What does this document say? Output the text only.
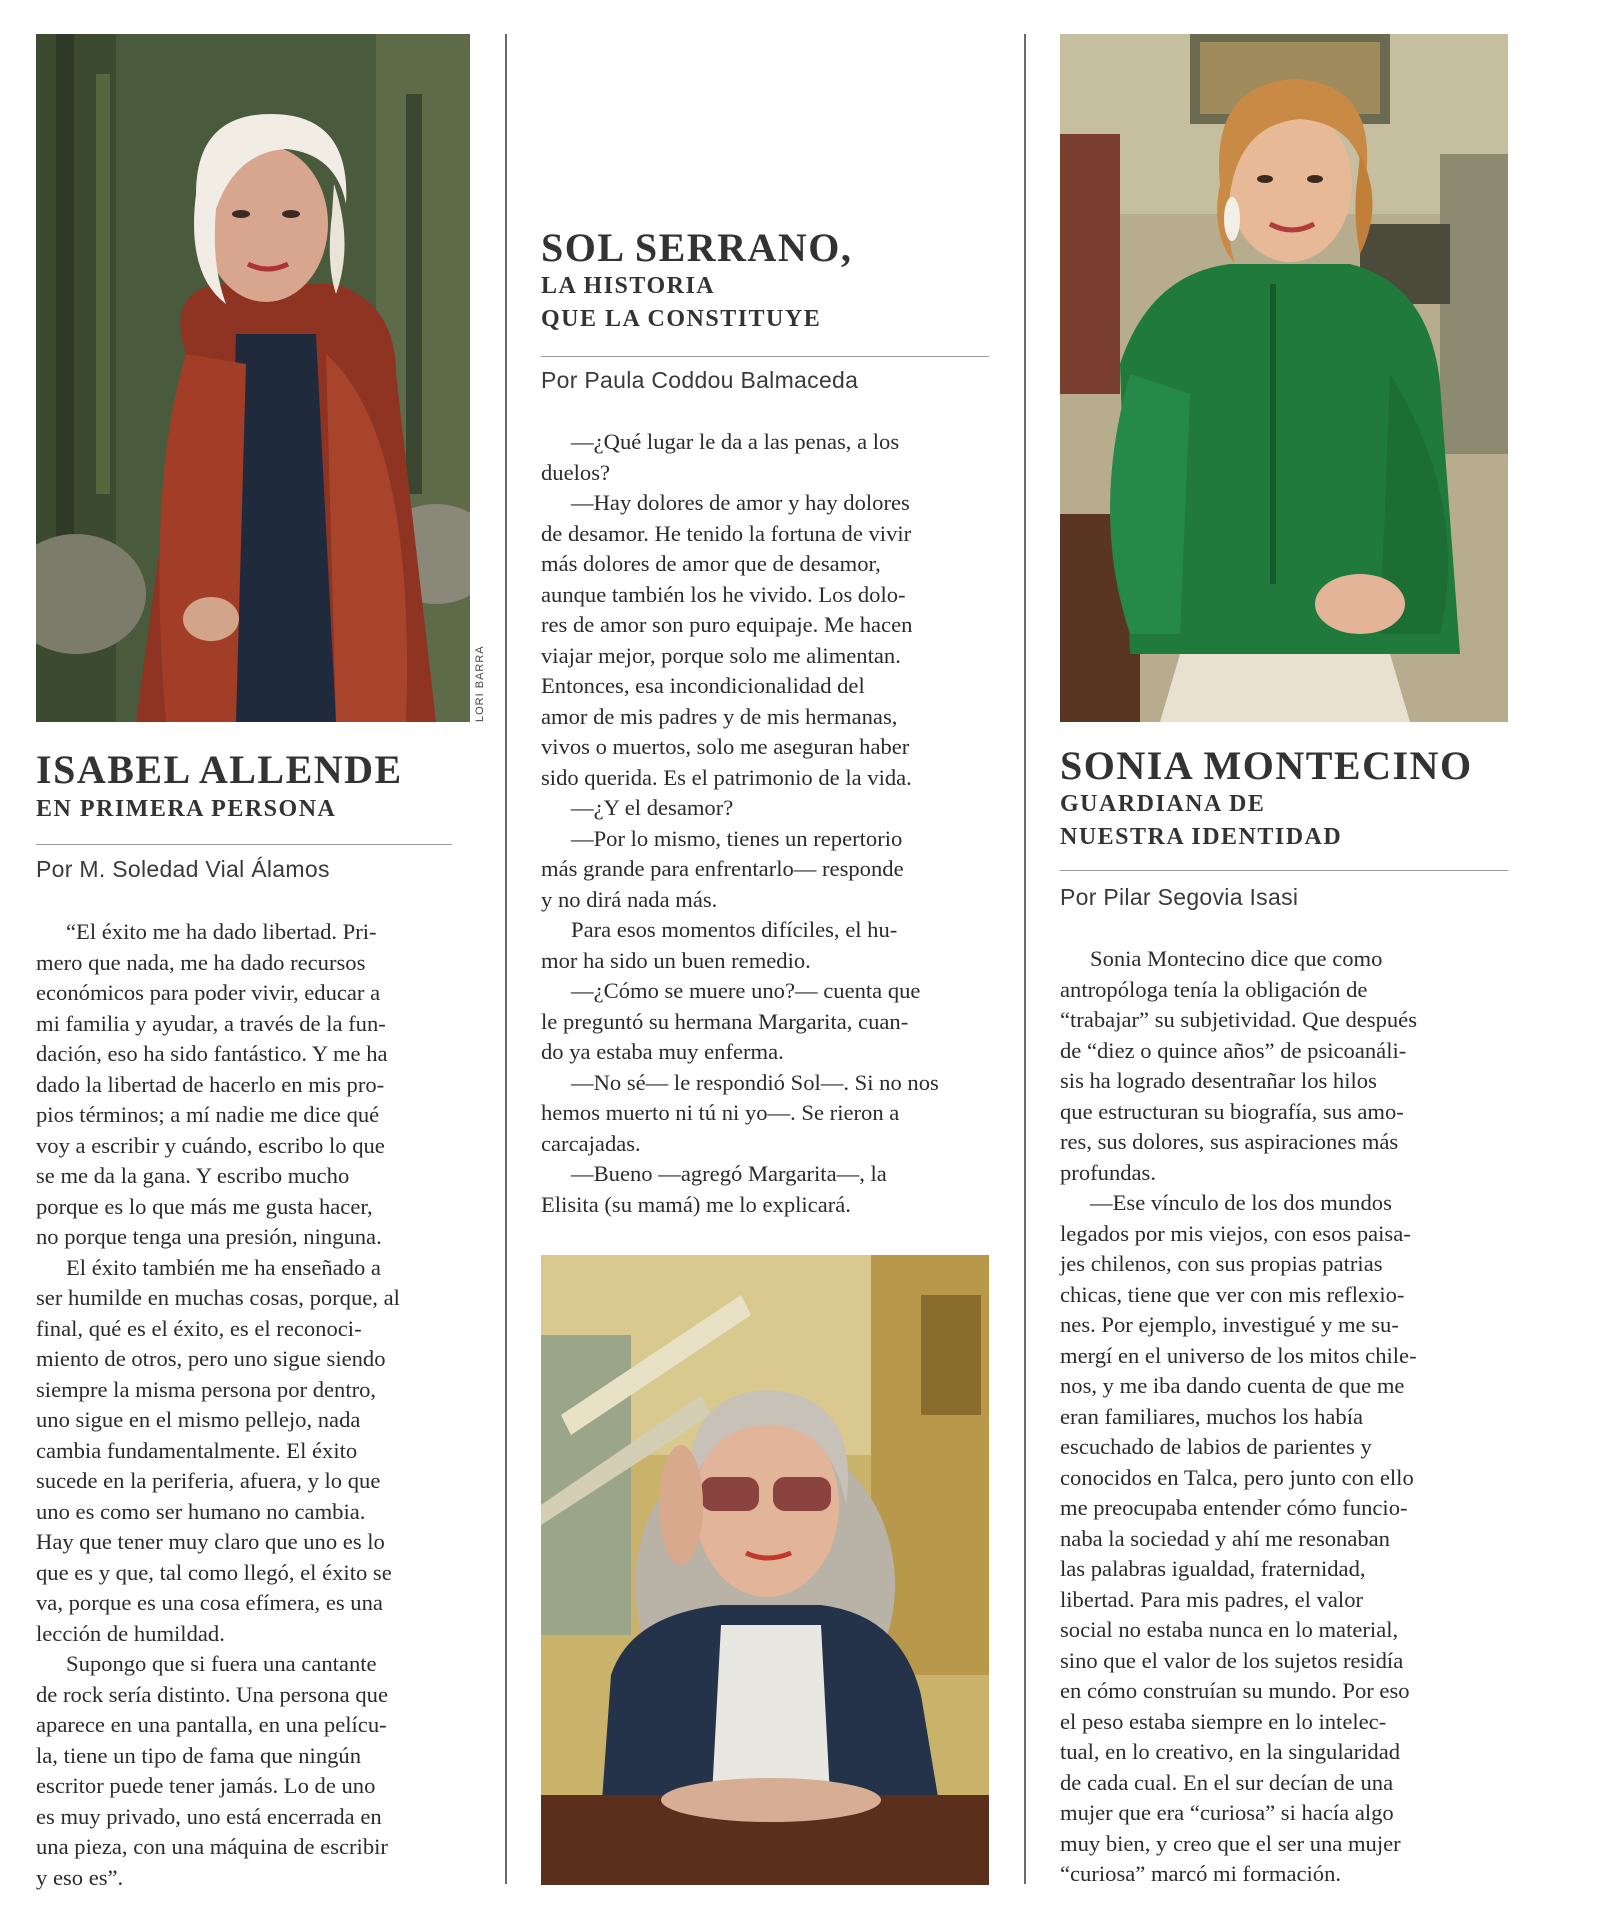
LORI BARRA
ISABEL ALLENDE
EN PRIMERA PERSONA
Por M. Soledad Vial Álamos

“El éxito me ha dado libertad. Pri-
mero que nada, me ha dado recursos
económicos para poder vivir, educar a
mi familia y ayudar, a través de la fun-
dación, eso ha sido fantástico. Y me ha
dado la libertad de hacerlo en mis pro-
pios términos; a mí nadie me dice qué
voy a escribir y cuándo, escribo lo que
se me da la gana. Y escribo mucho
porque es lo que más me gusta hacer,
no porque tenga una presión, ninguna.

El éxito también me ha enseñado a
ser humilde en muchas cosas, porque, al
final, qué es el éxito, es el reconoci-
miento de otros, pero uno sigue siendo
siempre la misma persona por dentro,
uno sigue en el mismo pellejo, nada
cambia fundamentalmente. El éxito
sucede en la periferia, afuera, y lo que
uno es como ser humano no cambia.
Hay que tener muy claro que uno es lo
que es y que, tal como llegó, el éxito se
va, porque es una cosa efímera, es una
lección de humildad.

Supongo que si fuera una cantante
de rock sería distinto. Una persona que
aparece en una pantalla, en una pelícu-
la, tiene un tipo de fama que ningún
escritor puede tener jamás. Lo de uno
es muy privado, uno está encerrada en
una pieza, con una máquina de escribir
y eso es”.

SOL SERRANO,
LA HISTORIA
QUE LA CONSTITUYE
Por Paula Coddou Balmaceda

—¿Qué lugar le da a las penas, a los
duelos?

—Hay dolores de amor y hay dolores
de desamor. He tenido la fortuna de vivir
más dolores de amor que de desamor,
aunque también los he vivido. Los dolo-
res de amor son puro equipaje. Me hacen
viajar mejor, porque solo me alimentan.
Entonces, esa incondicionalidad del
amor de mis padres y de mis hermanas,
vivos o muertos, solo me aseguran haber
sido querida. Es el patrimonio de la vida.

—¿Y el desamor?

—Por lo mismo, tienes un repertorio
más grande para enfrentarlo— responde
y no dirá nada más.

Para esos momentos difíciles, el hu-
mor ha sido un buen remedio.

—¿Cómo se muere uno?— cuenta que
le preguntó su hermana Margarita, cuan-
do ya estaba muy enferma.

—No sé— le respondió Sol—. Si no nos
hemos muerto ni tú ni yo—. Se rieron a
carcajadas.

—Bueno —agregó Margarita—, la
Elisita (su mamá) me lo explicará.

SONIA MONTECINO
GUARDIANA DE
NUESTRA IDENTIDAD
Por Pilar Segovia Isasi

Sonia Montecino dice que como
antropóloga tenía la obligación de
“trabajar” su subjetividad. Que después
de “diez o quince años” de psicoanáli-
sis ha logrado desentrañar los hilos
que estructuran su biografía, sus amo-
res, sus dolores, sus aspiraciones más
profundas.

—Ese vínculo de los dos mundos
legados por mis viejos, con esos paisa-
jes chilenos, con sus propias patrias
chicas, tiene que ver con mis reflexio-
nes. Por ejemplo, investigué y me su-
mergí en el universo de los mitos chile-
nos, y me iba dando cuenta de que me
eran familiares, muchos los había
escuchado de labios de parientes y
conocidos en Talca, pero junto con ello
me preocupaba entender cómo funcio-
naba la sociedad y ahí me resonaban
las palabras igualdad, fraternidad,
libertad. Para mis padres, el valor
social no estaba nunca en lo material,
sino que el valor de los sujetos residía
en cómo construían su mundo. Por eso
el peso estaba siempre en lo intelec-
tual, en lo creativo, en la singularidad
de cada cual. En el sur decían de una
mujer que era “curiosa” si hacía algo
muy bien, y creo que el ser una mujer
“curiosa” marcó mi formación.
